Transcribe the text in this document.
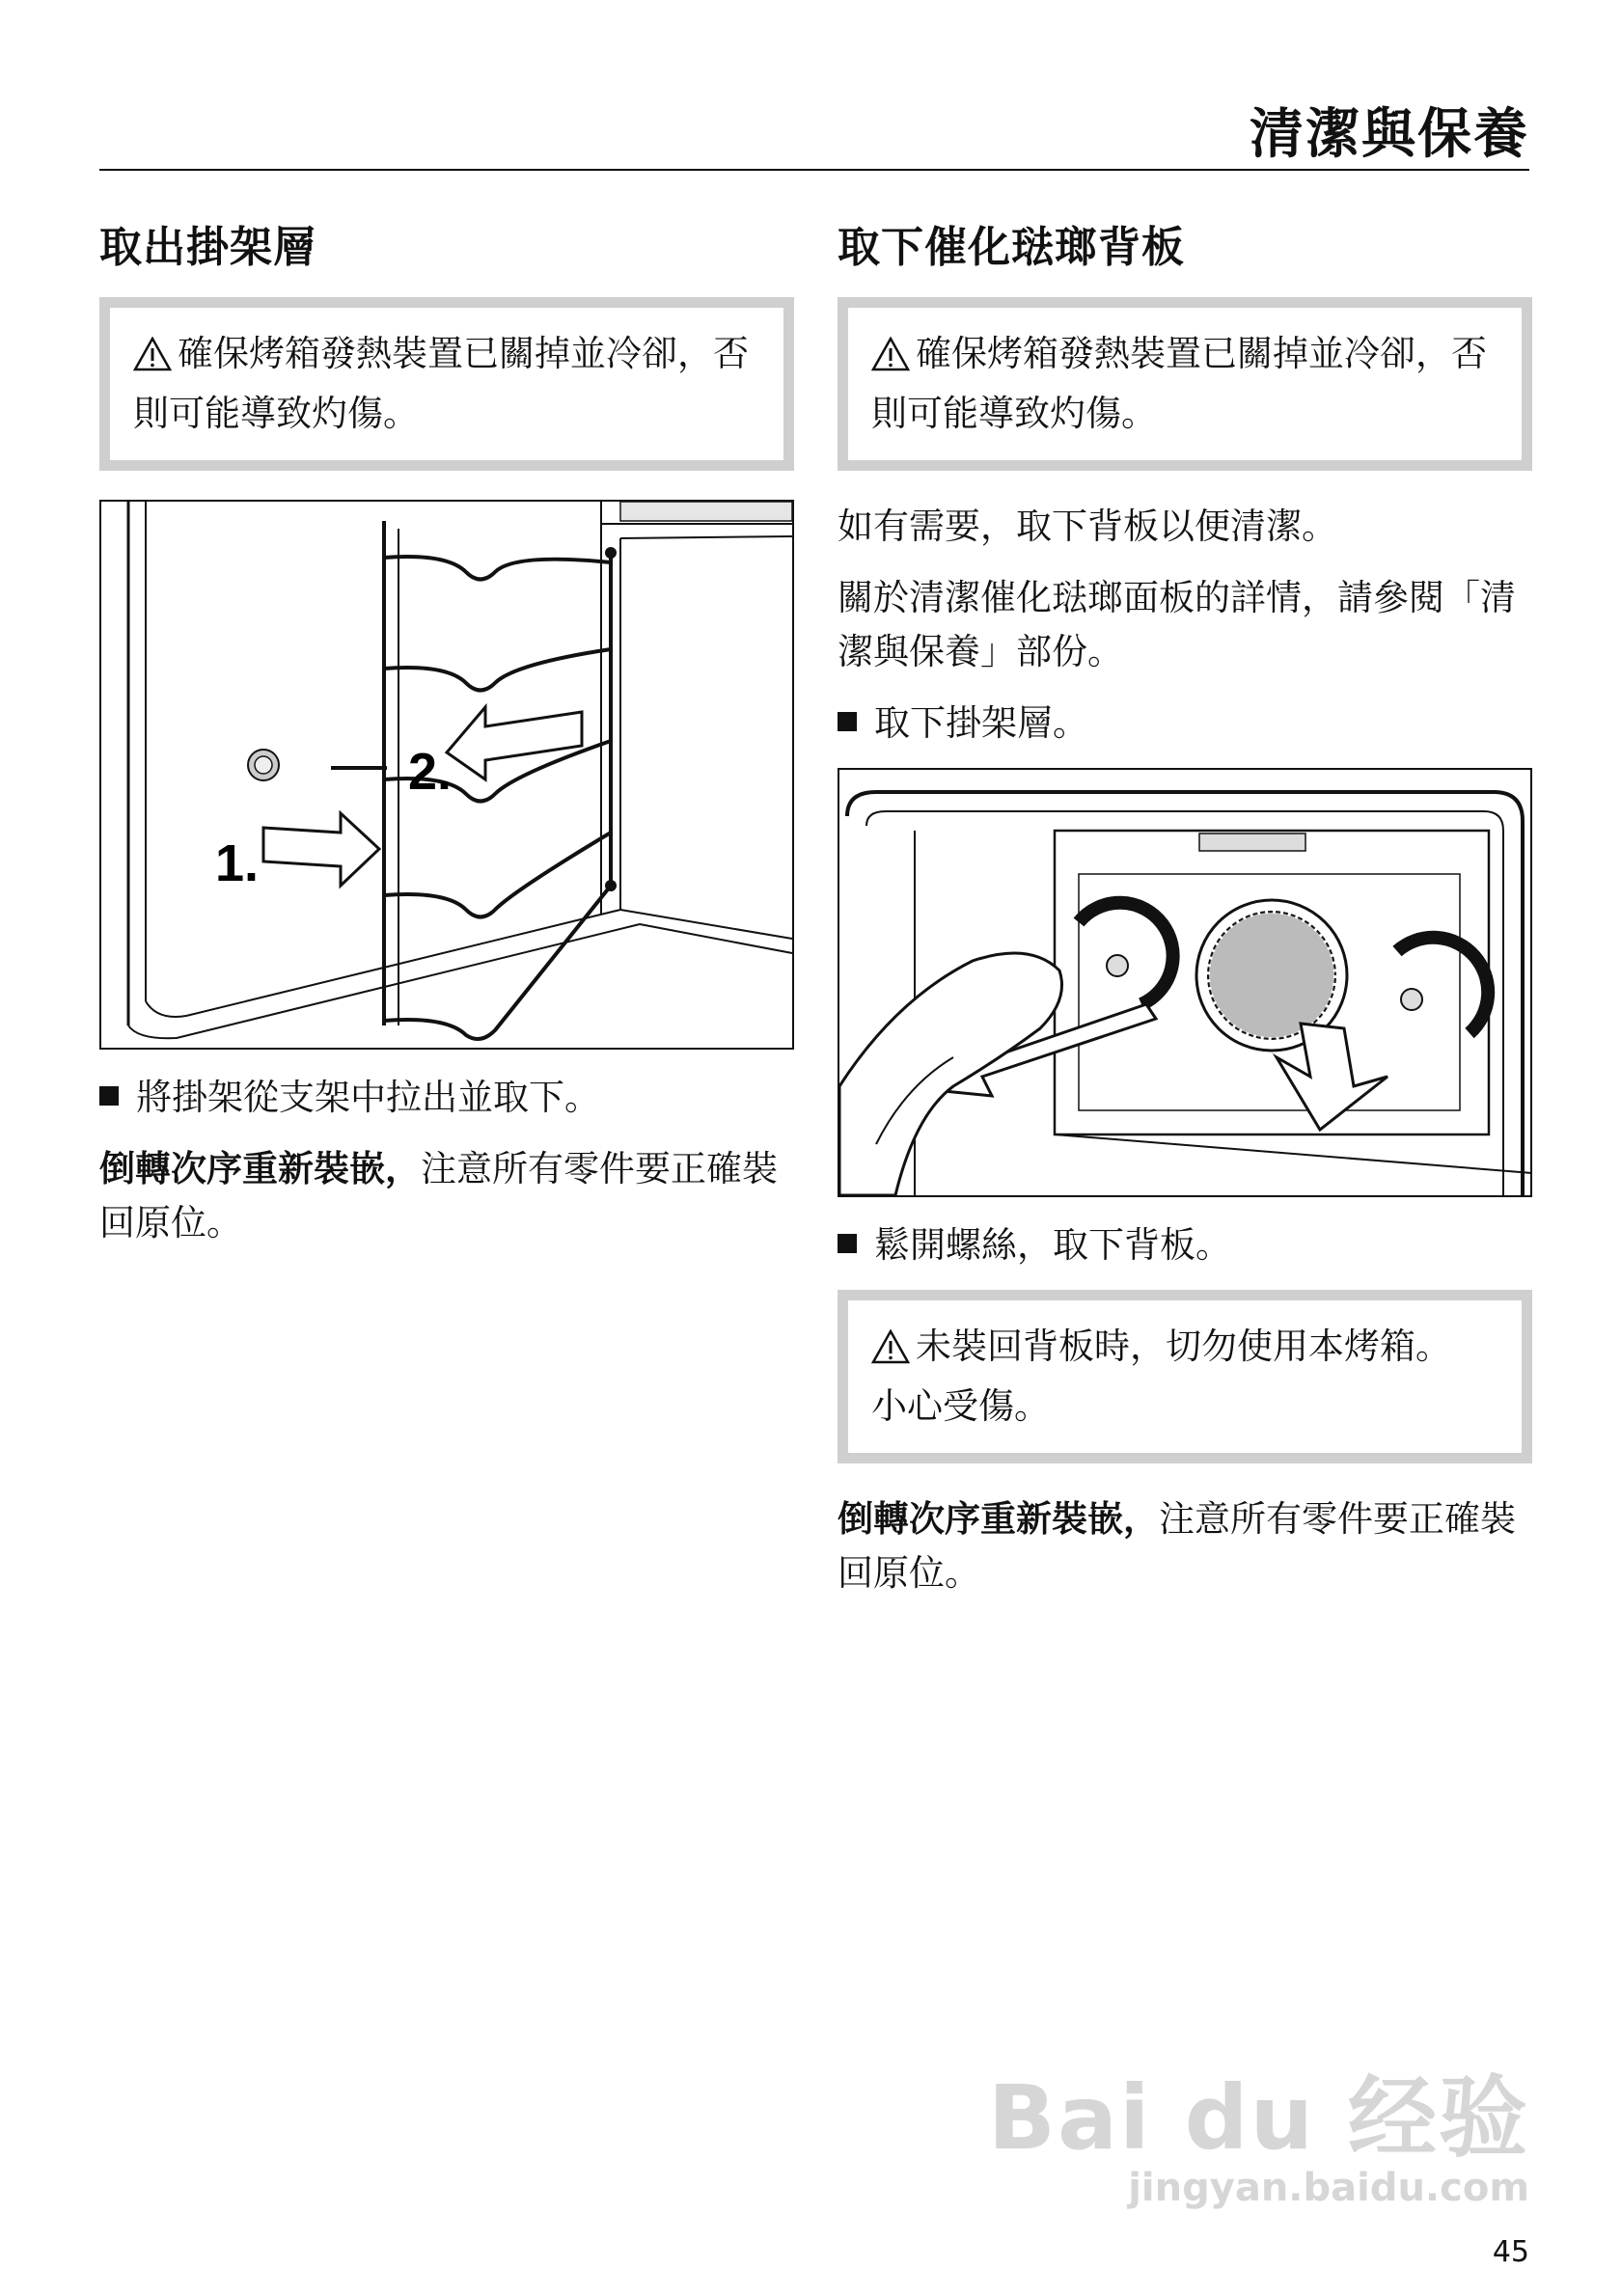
清潔與保養
取出掛架層

確保烤箱發熱裝置已關掉並冷卻，否則可能導致灼傷。

1.
2.

將掛架從支架中拉出並取下。

倒轉次序重新裝嵌，注意所有零件要正確裝回原位。

取下催化琺瑯背板

確保烤箱發熱裝置已關掉並冷卻，否則可能導致灼傷。

如有需要，取下背板以便清潔。

關於清潔催化琺瑯面板的詳情，請參閱「清潔與保養」部份。

取下掛架層。

鬆開螺絲，取下背板。

未裝回背板時，切勿使用本烤箱。

小心受傷。

倒轉次序重新裝嵌，注意所有零件要正確裝回原位。

Bai du 经验
jingyan.baidu.com
45
